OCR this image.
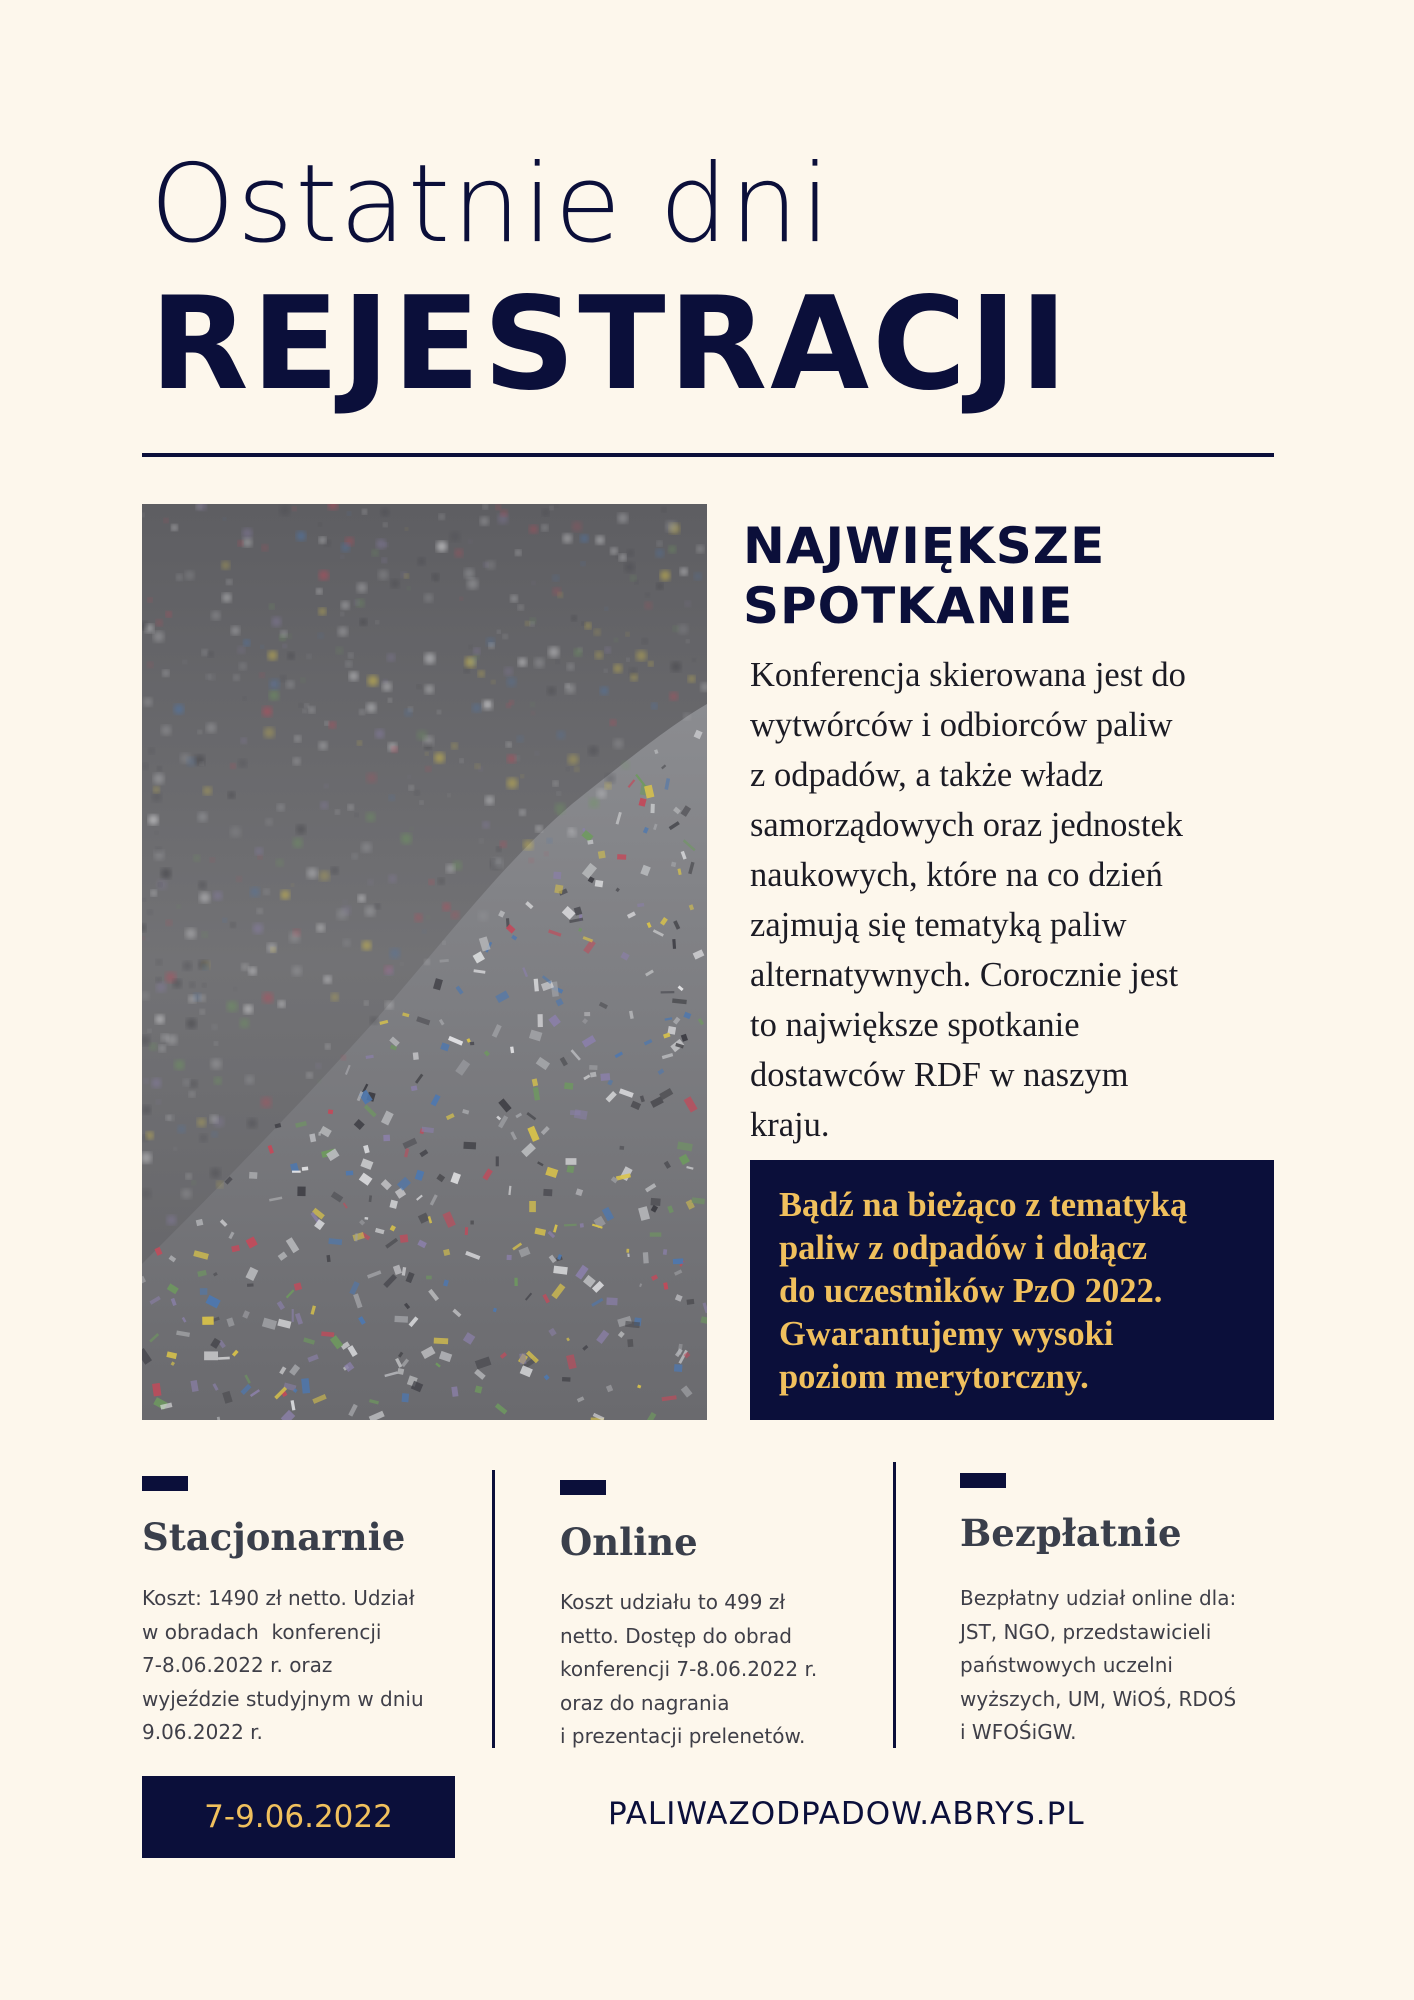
Ostatnie dni
REJESTRACJI
NAJWIĘKSZE
SPOTKANIE
Konferencja skierowana jest do
wytwórców i odbiorców paliw
z odpadów, a także władz
samorządowych oraz jednostek
naukowych, które na co dzień
zajmują się tematyką paliw
alternatywnych. Corocznie jest
to największe spotkanie
dostawców RDF w naszym
kraju.
Bądź na bieżąco z tematyką
paliw z odpadów i dołącz
do uczestników PzO 2022.
Gwarantujemy wysoki
poziom merytorczny.
Stacjonarnie
Koszt: 1490 zł netto. Udział
w obradach  konferencji
7-8.06.2022 r. oraz
wyjeździe studyjnym w dniu
9.06.2022 r.
Online
Koszt udziału to 499 zł
netto. Dostęp do obrad
konferencji 7-8.06.2022 r.
oraz do nagrania
i prezentacji prelenetów.
Bezpłatnie
Bezpłatny udział online dla:
JST, NGO, przedstawicieli
państwowych uczelni
wyższych, UM, WiOŚ, RDOŚ
i WFOŚiGW.
7-9.06.2022	PALIWAZODPADOW.ABRYS.PL
